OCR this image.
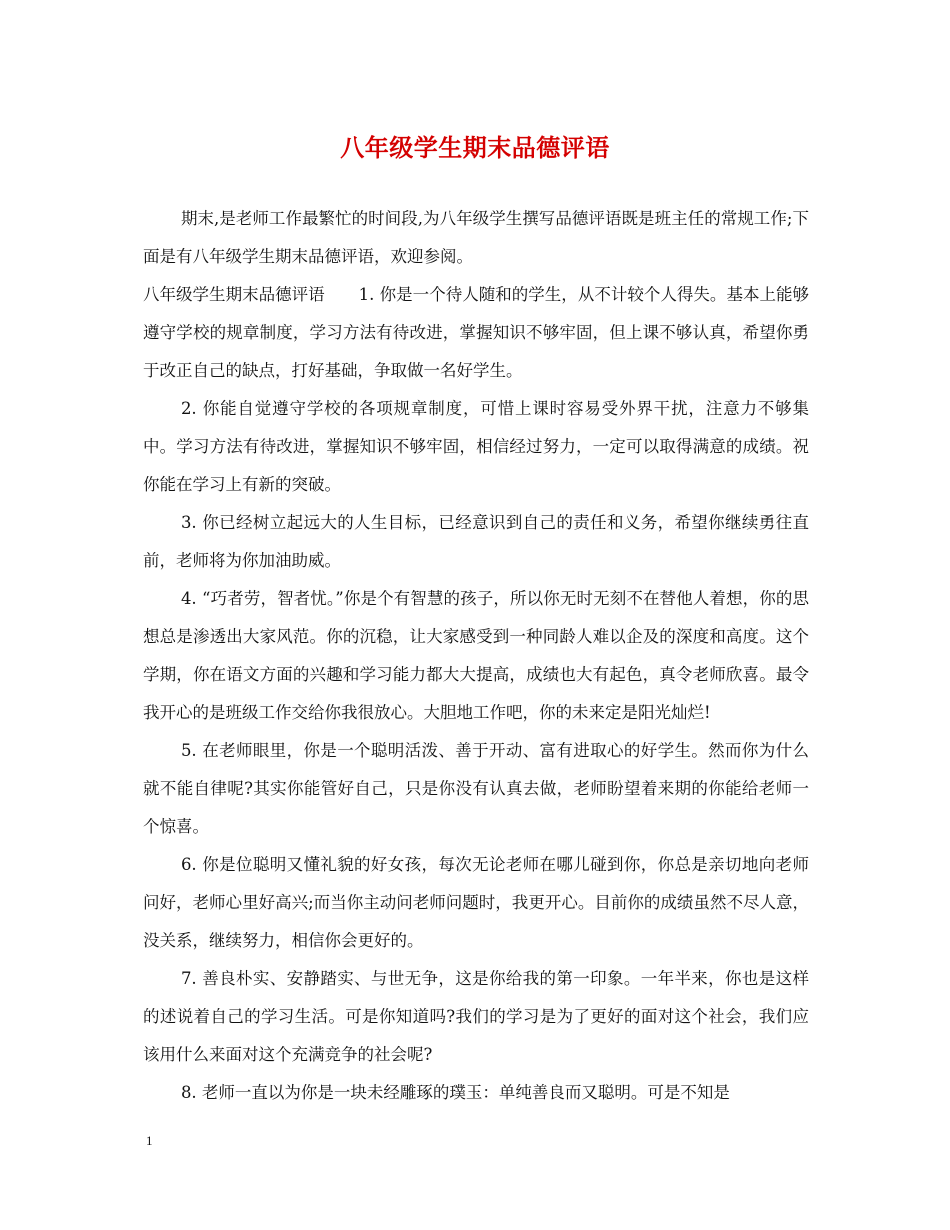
八年级学生期末品德评语

期末,是老师工作最繁忙的时间段,为八年级学生撰写品德评语既是班主任的常规工作;下面是有八年级学生期末品德评语，欢迎参阅。

八年级学生期末品德评语 1. 你是一个待人随和的学生，从不计较个人得失。基本上能够遵守学校的规章制度，学习方法有待改进，掌握知识不够牢固，但上课不够认真，希望你勇于改正自己的缺点，打好基础，争取做一名好学生。

2. 你能自觉遵守学校的各项规章制度，可惜上课时容易受外界干扰，注意力不够集中。学习方法有待改进，掌握知识不够牢固，相信经过努力，一定可以取得满意的成绩。祝你能在学习上有新的突破。

3. 你已经树立起远大的人生目标，已经意识到自己的责任和义务，希望你继续勇往直前，老师将为你加油助威。

4. “巧者劳，智者忧。”你是个有智慧的孩子，所以你无时无刻不在替他人着想，你的思想总是渗透出大家风范。你的沉稳，让大家感受到一种同龄人难以企及的深度和高度。这个学期，你在语文方面的兴趣和学习能力都大大提高，成绩也大有起色，真令老师欣喜。最令我开心的是班级工作交给你我很放心。大胆地工作吧，你的未来定是阳光灿烂!

5. 在老师眼里，你是一个聪明活泼、善于开动、富有进取心的好学生。然而你为什么就不能自律呢?其实你能管好自己，只是你没有认真去做，老师盼望着来期的你能给老师一个惊喜。

6. 你是位聪明又懂礼貌的好女孩，每次无论老师在哪儿碰到你，你总是亲切地向老师问好，老师心里好高兴;而当你主动问老师问题时，我更开心。目前你的成绩虽然不尽人意，没关系，继续努力，相信你会更好的。

7. 善良朴实、安静踏实、与世无争，这是你给我的第一印象。一年半来，你也是这样的述说着自己的学习生活。可是你知道吗?我们的学习是为了更好的面对这个社会，我们应该用什么来面对这个充满竞争的社会呢?

8. 老师一直以为你是一块未经雕琢的璞玉：单纯善良而又聪明。可是不知是

1
